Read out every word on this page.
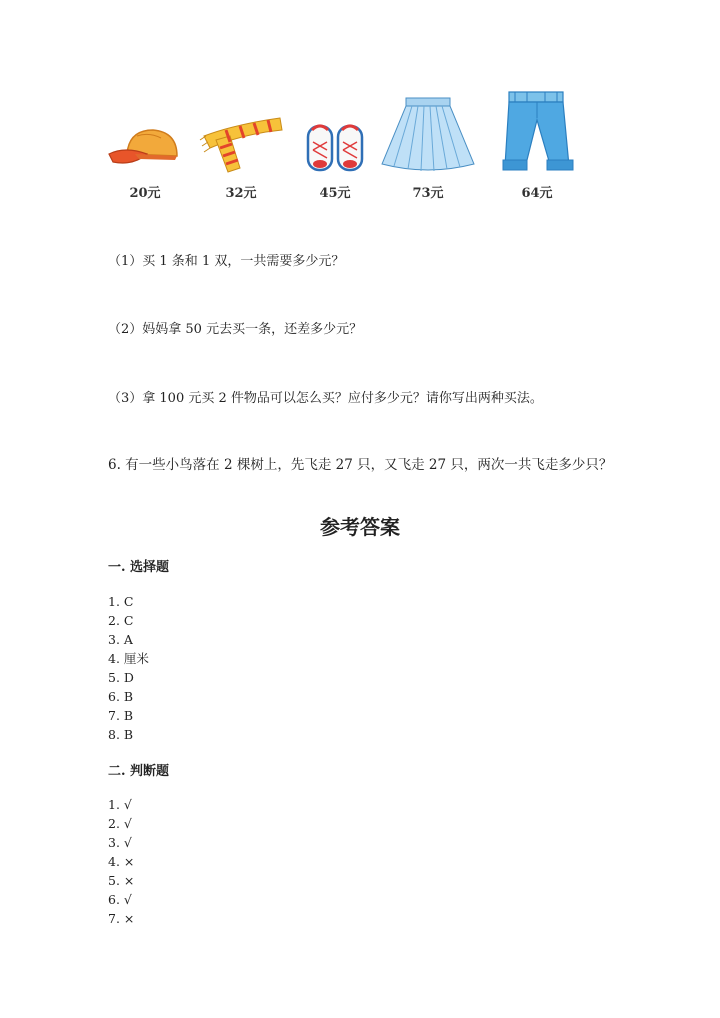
20元	32元	45元	73元	64元
（1）买 1 条和 1 双，一共需要多少元？
（2）妈妈拿 50 元去买一条，还差多少元？
（3）拿 100 元买 2 件物品可以怎么买？应付多少元？请你写出两种买法。
6. 有一些小鸟落在 2 棵树上，先飞走 27 只，又飞走 27 只，两次一共飞走多少只？
参考答案
一. 选择题
1. C
2. C
3. A
4. 厘米
5. D
6. B
7. B
8. B
二. 判断题
1. √
2. √
3. √
4. ×
5. ×
6. √
7. ×
